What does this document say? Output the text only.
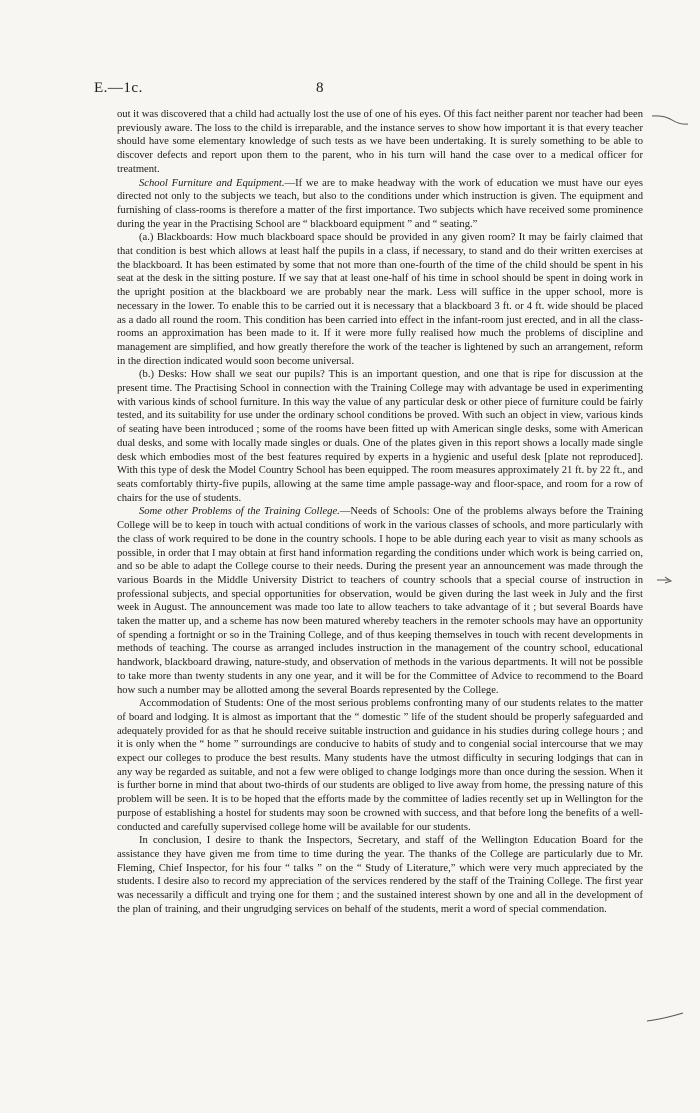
E.—1c.	8

out it was discovered that a child had actually lost the use of one of his eyes. Of this fact neither parent nor teacher had been previously aware. The loss to the child is irreparable, and the instance serves to show how important it is that every teacher should have some elementary knowledge of such tests as we have been undertaking. It is surely something to be able to discover defects and report upon them to the parent, who in his turn will hand the case over to a medical officer for treatment.

School Furniture and Equipment.—If we are to make headway with the work of education we must have our eyes directed not only to the subjects we teach, but also to the conditions under which instruction is given. The equipment and furnishing of class-rooms is therefore a matter of the first importance. Two subjects which have received some prominence during the year in the Practising School are “ blackboard equipment ” and “ seating.”

(a.) Blackboards: How much blackboard space should be provided in any given room? It may be fairly claimed that that condition is best which allows at least half the pupils in a class, if necessary, to stand and do their written exercises at the blackboard. It has been estimated by some that not more than one-fourth of the time of the child should be spent in his seat at the desk in the sitting posture. If we say that at least one-half of his time in school should be spent in doing work in the upright position at the blackboard we are probably near the mark. Less will suffice in the upper school, more is necessary in the lower. To enable this to be carried out it is necessary that a blackboard 3 ft. or 4 ft. wide should be placed as a dado all round the room. This condition has been carried into effect in the infant-room just erected, and in all the class-rooms an approximation has been made to it. If it were more fully realised how much the problems of discipline and management are simplified, and how greatly therefore the work of the teacher is lightened by such an arrangement, reform in the direction indicated would soon become universal.

(b.) Desks: How shall we seat our pupils? This is an important question, and one that is ripe for discussion at the present time. The Practising School in connection with the Training College may with advantage be used in experimenting with various kinds of school furniture. In this way the value of any particular desk or other piece of furniture could be fairly tested, and its suitability for use under the ordinary school conditions be proved. With such an object in view, various kinds of seating have been introduced ; some of the rooms have been fitted up with American single desks, some with American dual desks, and some with locally made singles or duals. One of the plates given in this report shows a locally made single desk which embodies most of the best features required by experts in a hygienic and useful desk [plate not reproduced]. With this type of desk the Model Country School has been equipped. The room measures approximately 21 ft. by 22 ft., and seats comfortably thirty-five pupils, allowing at the same time ample passage-way and floor-space, and room for a row of chairs for the use of students.

Some other Problems of the Training College.—Needs of Schools: One of the problems always before the Training College will be to keep in touch with actual conditions of work in the various classes of schools, and more particularly with the class of work required to be done in the country schools. I hope to be able during each year to visit as many schools as possible, in order that I may obtain at first hand information regarding the conditions under which work is being carried on, and so be able to adapt the College course to their needs. During the present year an announcement was made through the various Boards in the Middle University District to teachers of country schools that a special course of instruction in professional subjects, and special opportunities for observation, would be given during the last week in July and the first week in August. The announcement was made too late to allow teachers to take advantage of it ; but several Boards have taken the matter up, and a scheme has now been matured whereby teachers in the remoter schools may have an opportunity of spending a fortnight or so in the Training College, and of thus keeping themselves in touch with recent developments in methods of teaching. The course as arranged includes instruction in the management of the country school, educational handwork, blackboard drawing, nature-study, and observation of methods in the various departments. It will not be possible to take more than twenty students in any one year, and it will be for the Committee of Advice to recommend to the Board how such a number may be allotted among the several Boards represented by the College.

Accommodation of Students: One of the most serious problems confronting many of our students relates to the matter of board and lodging. It is almost as important that the “ domestic ” life of the student should be properly safeguarded and adequately provided for as that he should receive suitable instruction and guidance in his studies during college hours ; and it is only when the “ home ” surroundings are conducive to habits of study and to congenial social intercourse that we may expect our colleges to produce the best results. Many students have the utmost difficulty in securing lodgings that can in any way be regarded as suitable, and not a few were obliged to change lodgings more than once during the session. When it is further borne in mind that about two-thirds of our students are obliged to live away from home, the pressing nature of this problem will be seen. It is to be hoped that the efforts made by the committee of ladies recently set up in Wellington for the purpose of establishing a hostel for students may soon be crowned with success, and that before long the benefits of a well-conducted and carefully supervised college home will be available for our students.

In conclusion, I desire to thank the Inspectors, Secretary, and staff of the Wellington Education Board for the assistance they have given me from time to time during the year. The thanks of the College are particularly due to Mr. Fleming, Chief Inspector, for his four “ talks ” on the “ Study of Literature,” which were very much appreciated by the students. I desire also to record my appreciation of the services rendered by the staff of the Training College. The first year was necessarily a difficult and trying one for them ; and the sustained interest shown by one and all in the development of the plan of training, and their ungrudging services on behalf of the students, merit a word of special commendation.
